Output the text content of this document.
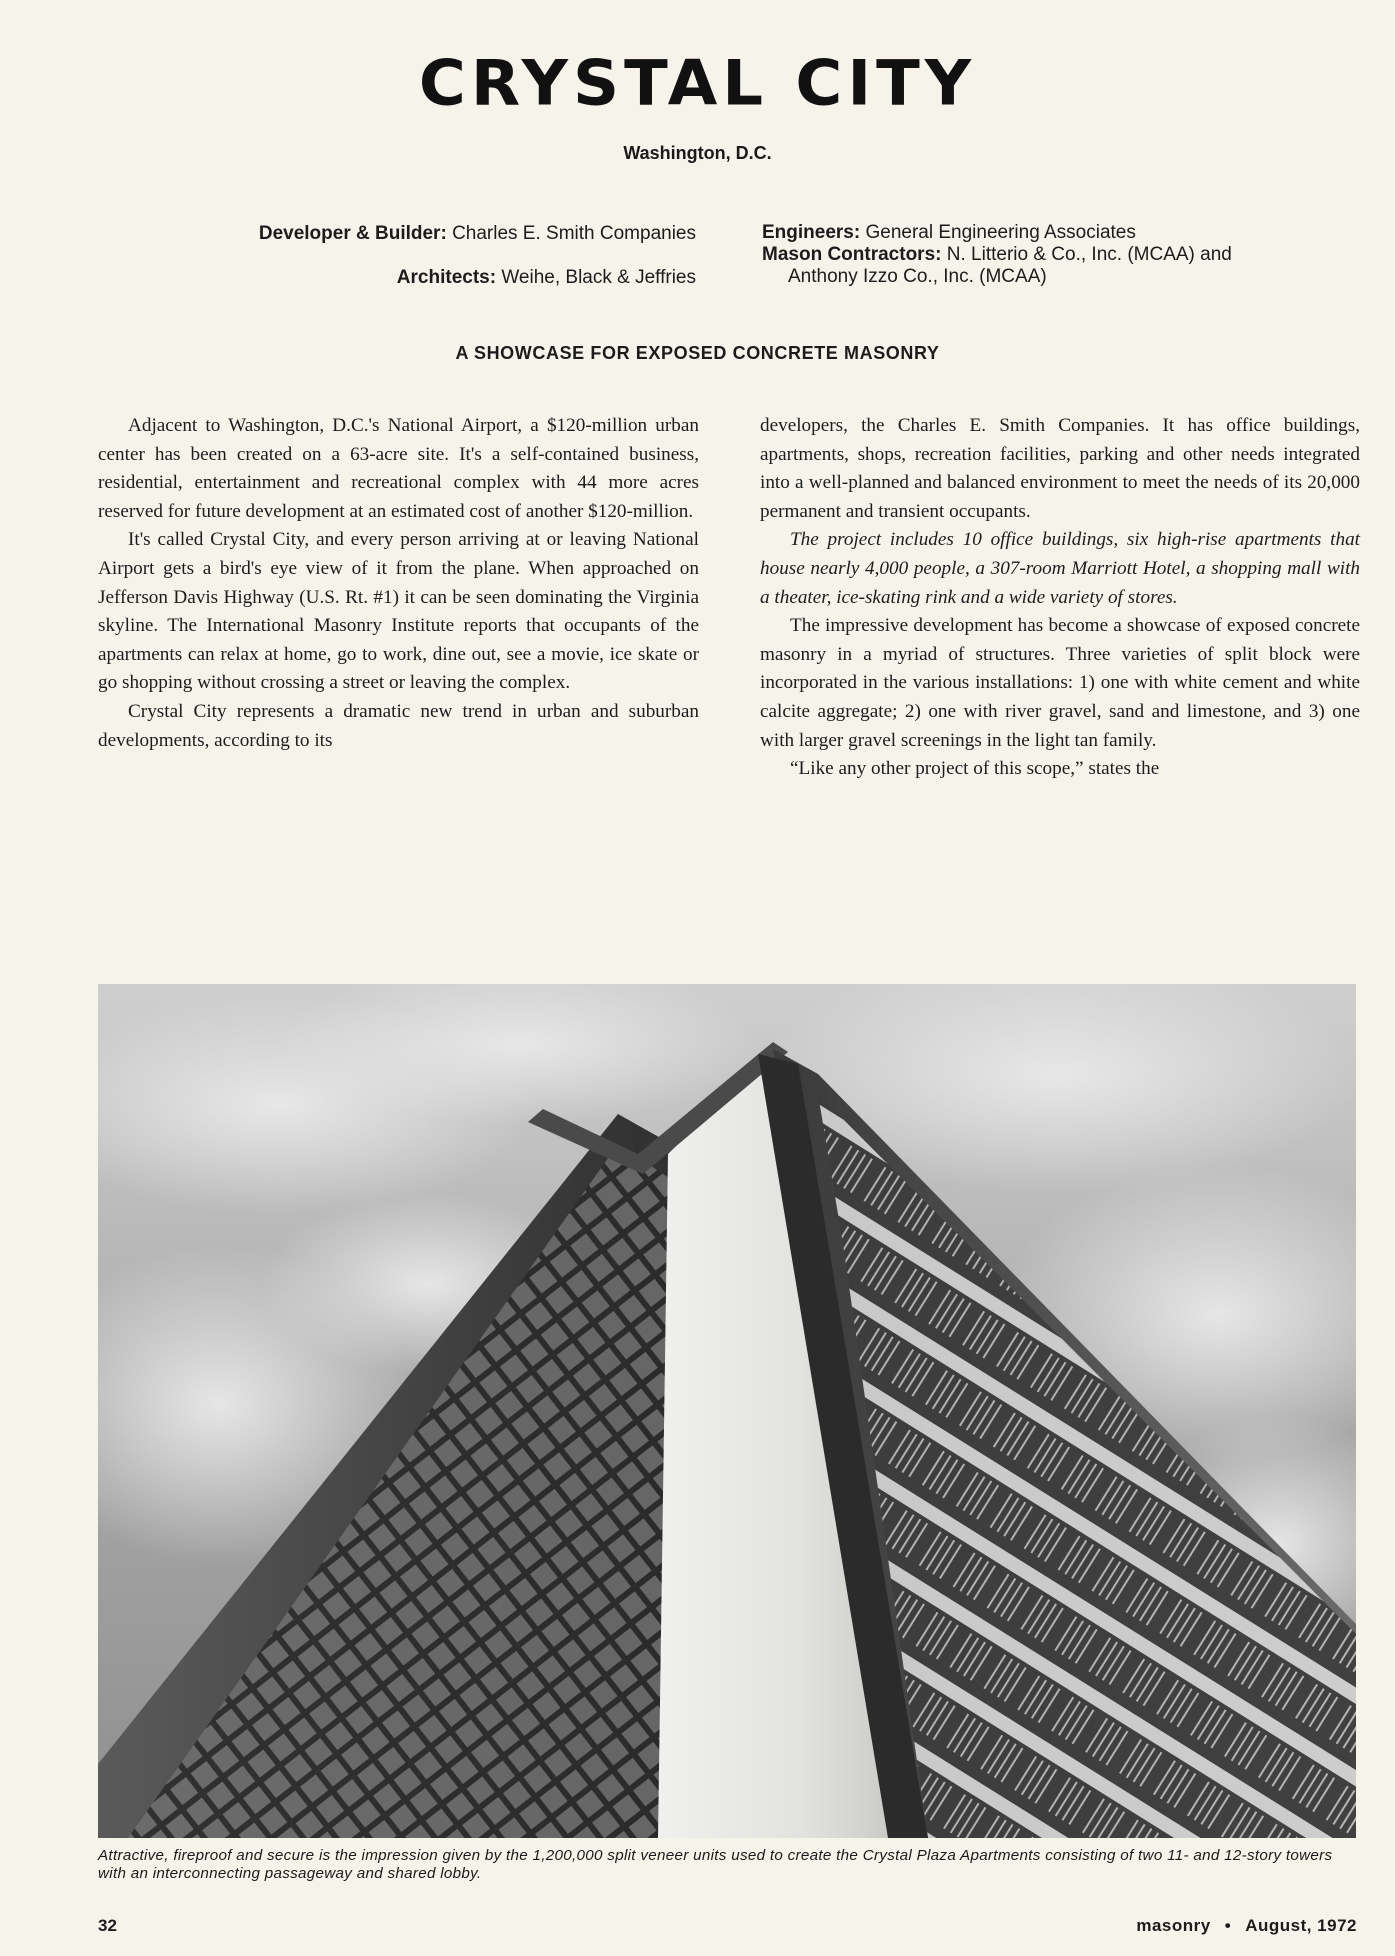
CRYSTAL CITY
Washington, D.C.
Developer & Builder: Charles E. Smith Companies
Architects: Weihe, Black & Jeffries
Engineers: General Engineering Associates
Mason Contractors: N. Litterio & Co., Inc. (MCAA) and
Anthony Izzo Co., Inc. (MCAA)
A SHOWCASE FOR EXPOSED CONCRETE MASONRY

Adjacent to Washington, D.C.'s National Airport, a $120-million urban center has been created on a 63-acre site. It's a self-contained business, residential, entertainment and recreational complex with 44 more acres reserved for future development at an estimated cost of another $120-million.

It's called Crystal City, and every person arriving at or leaving National Airport gets a bird's eye view of it from the plane. When approached on Jefferson Davis Highway (U.S. Rt. #1) it can be seen dominating the Virginia skyline. The International Masonry Institute reports that occupants of the apartments can relax at home, go to work, dine out, see a movie, ice skate or go shopping without crossing a street or leaving the complex.

Crystal City represents a dramatic new trend in urban and suburban developments, according to its

developers, the Charles E. Smith Companies. It has office buildings, apartments, shops, recreation facilities, parking and other needs integrated into a well-planned and balanced environment to meet the needs of its 20,000 permanent and transient occupants.

The project includes 10 office buildings, six high-rise apartments that house nearly 4,000 people, a 307-room Marriott Hotel, a shopping mall with a theater, ice-skating rink and a wide variety of stores.

The impressive development has become a showcase of exposed concrete masonry in a myriad of structures. Three varieties of split block were incorporated in the various installations: 1) one with white cement and white calcite aggregate; 2) one with river gravel, sand and limestone, and 3) one with larger gravel screenings in the light tan family.

“Like any other project of this scope,” states the

Attractive, fireproof and secure is the impression given by the 1,200,000 split veneer units used to create the Crystal Plaza Apartments consisting of two 11- and 12-story towers with an interconnecting passageway and shared lobby.
32	masonry • August, 1972
